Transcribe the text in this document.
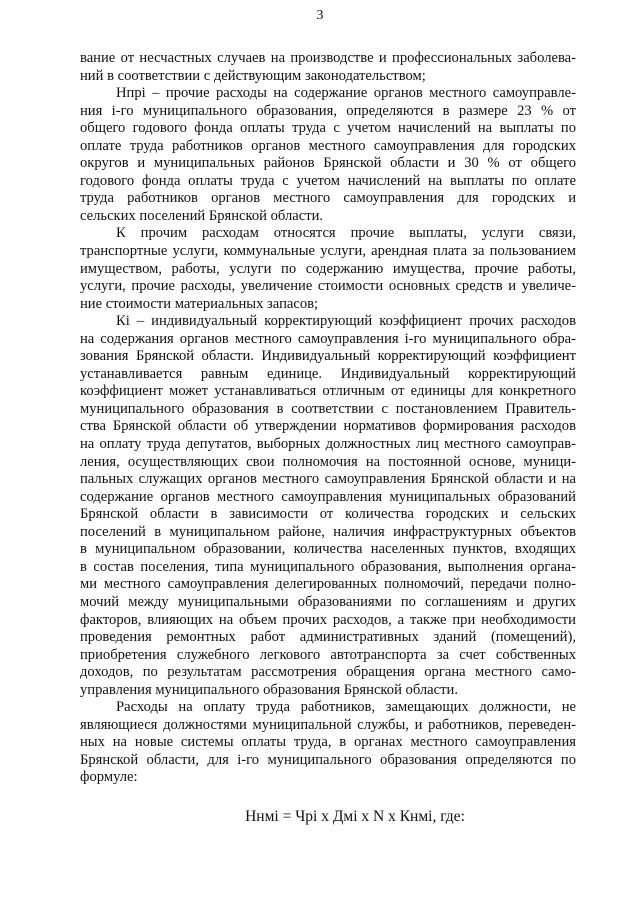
3
вание от несчастных случаев на производстве и профессиональных заболева-
ний в соответствии с действующим законодательством;
Нпрi – прочие расходы на содержание органов местного самоуправле-
ния i-го муниципального образования, определяются в размере 23 % от
общего годового фонда оплаты труда с учетом начислений на выплаты по
оплате труда работников органов местного самоуправления для городских
округов и муниципальных районов Брянской области и 30 % от общего
годового фонда оплаты труда с учетом начислений на выплаты по оплате
труда работников органов местного самоуправления для городских и
сельских поселений Брянской области.
К прочим расходам относятся прочие выплаты, услуги связи,
транспортные услуги, коммунальные услуги, арендная плата за пользованием
имуществом, работы, услуги по содержанию имущества, прочие работы,
услуги, прочие расходы, увеличение стоимости основных средств и увеличе-
ние стоимости материальных запасов;
Кi – индивидуальный корректирующий коэффициент прочих расходов
на содержания органов местного самоуправления i-го муниципального обра-
зования Брянской области. Индивидуальный корректирующий коэффициент
устанавливается равным единице. Индивидуальный корректирующий
коэффициент может устанавливаться отличным от единицы для конкретного
муниципального образования в соответствии с постановлением Правитель-
ства Брянской области об утверждении нормативов формирования расходов
на оплату труда депутатов, выборных должностных лиц местного самоуправ-
ления, осуществляющих свои полномочия на постоянной основе, муници-
пальных служащих органов местного самоуправления Брянской области и на
содержание органов местного самоуправления муниципальных образований
Брянской области в зависимости от количества городских и сельских
поселений в муниципальном районе, наличия инфраструктурных объектов
в муниципальном образовании, количества населенных пунктов, входящих
в состав поселения, типа муниципального образования, выполнения органа-
ми местного самоуправления делегированных полномочий, передачи полно-
мочий между муниципальными образованиями по соглашениям и других
факторов, влияющих на объем прочих расходов, а также при необходимости
проведения ремонтных работ административных зданий (помещений),
приобретения служебного легкового автотранспорта за счет собственных
доходов, по результатам рассмотрения обращения органа местного само-
управления муниципального образования Брянской области.
Расходы на оплату труда работников, замещающих должности, не
являющиеся должностями муниципальной службы, и работников, переведен-
ных на новые системы оплаты труда, в органах местного самоуправления
Брянской области, для i-го муниципального образования определяются по
формуле:
Hнмi = Чрi x Дмi x N x Кнмi, где:
